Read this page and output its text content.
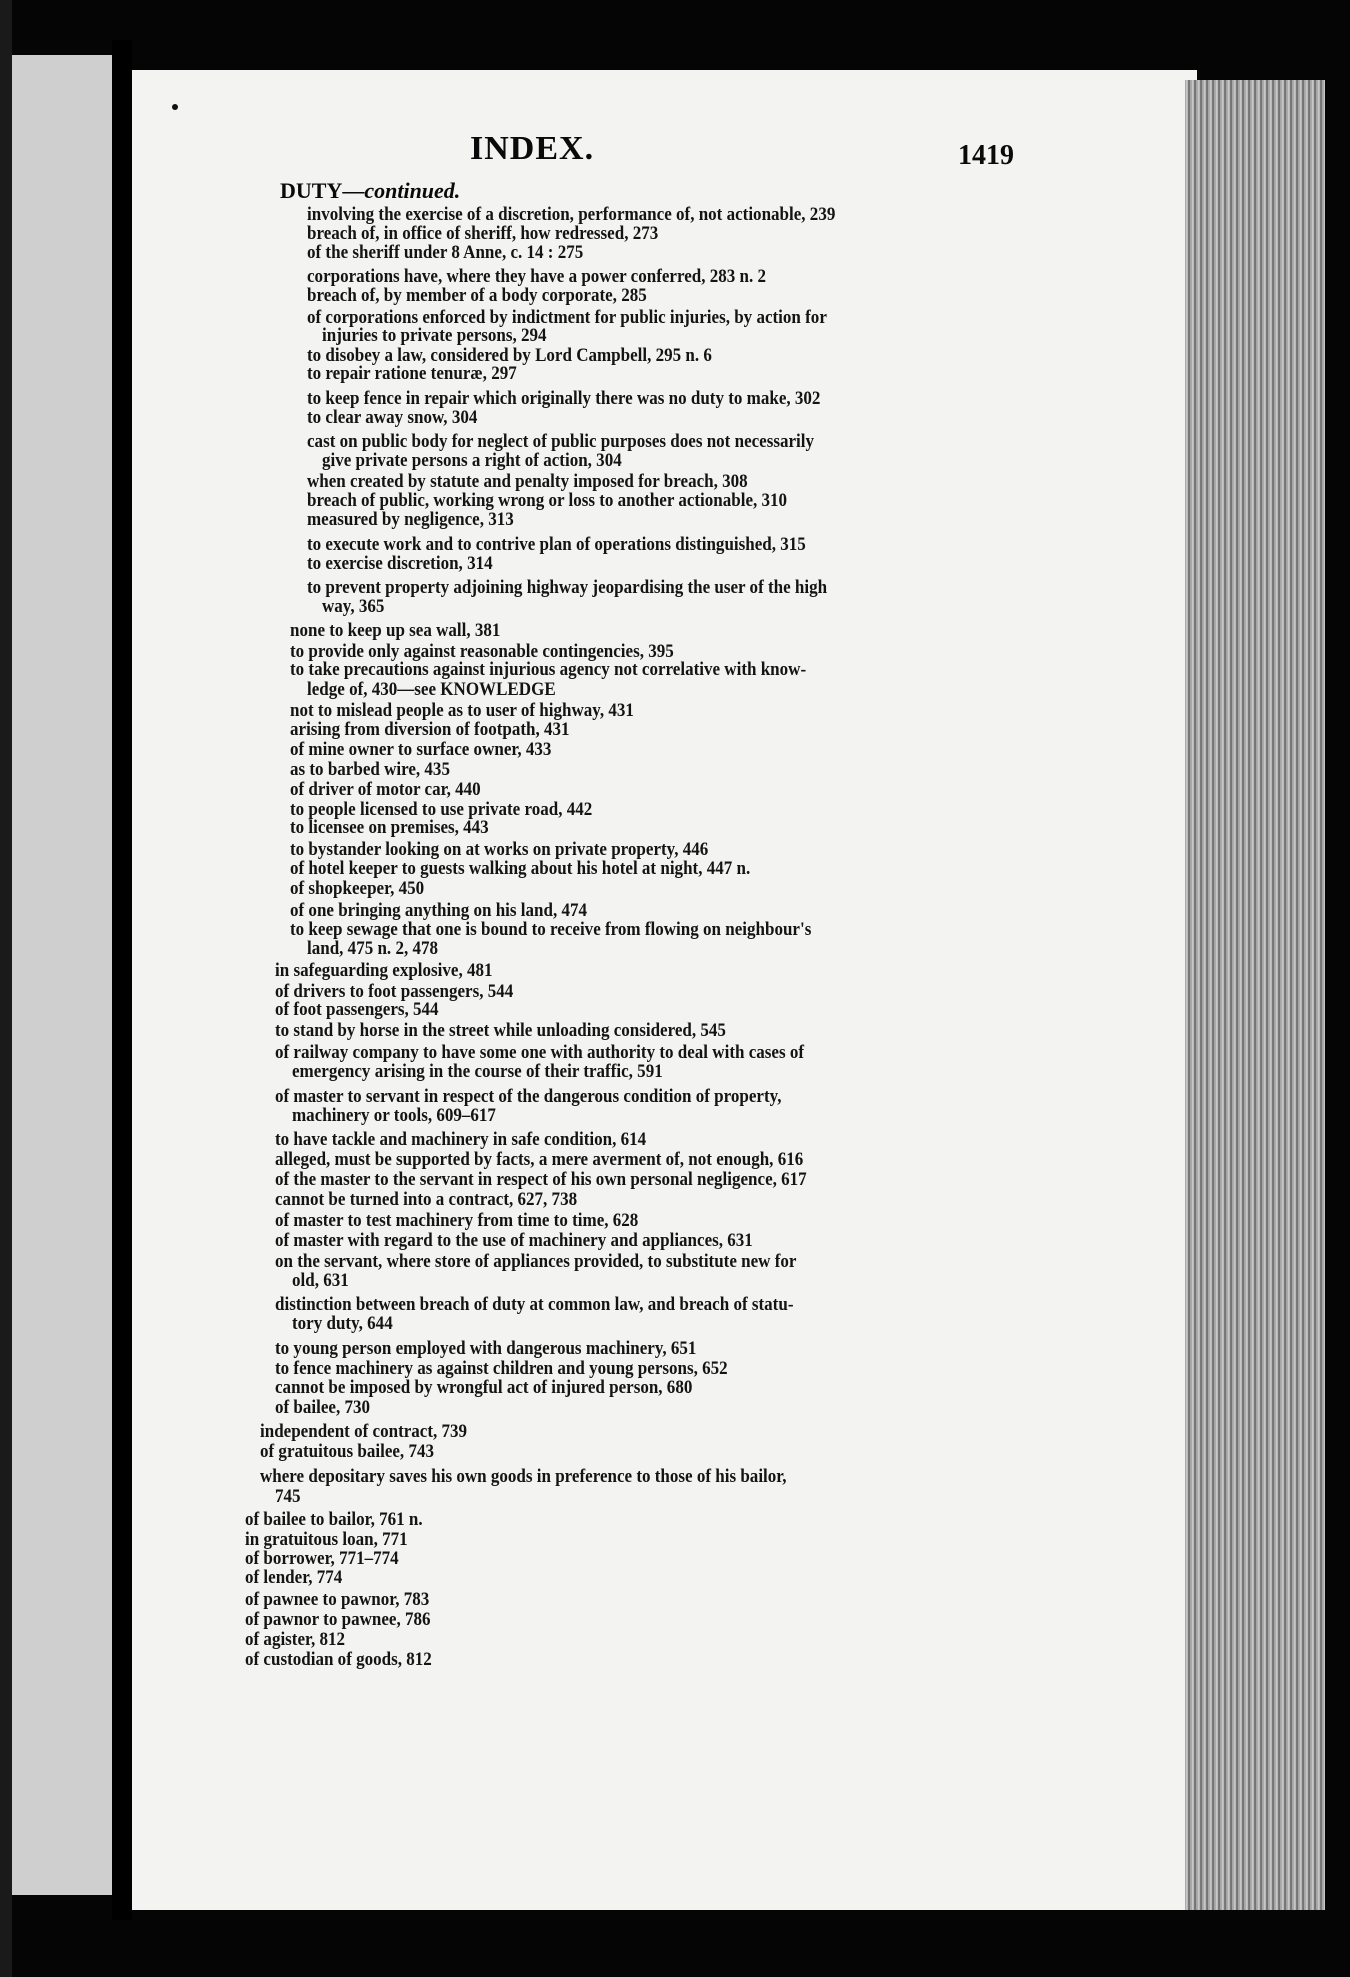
INDEX.	1419
DUTY—continued.
involving the exercise of a discretion, performance of, not actionable, 239
breach of, in office of sheriff, how redressed, 273
of the sheriff under 8 Anne, c. 14 : 275
corporations have, where they have a power conferred, 283 n. 2
breach of, by member of a body corporate, 285
of corporations enforced by indictment for public injuries, by action for
injuries to private persons, 294
to disobey a law, considered by Lord Campbell, 295 n. 6
to repair ratione tenuræ, 297
to keep fence in repair which originally there was no duty to make, 302
to clear away snow, 304
cast on public body for neglect of public purposes does not necessarily
give private persons a right of action, 304
when created by statute and penalty imposed for breach, 308
breach of public, working wrong or loss to another actionable, 310
measured by negligence, 313
to execute work and to contrive plan of operations distinguished, 315
to exercise discretion, 314
to prevent property adjoining highway jeopardising the user of the high
way, 365
none to keep up sea wall, 381
to provide only against reasonable contingencies, 395
to take precautions against injurious agency not correlative with know-
ledge of, 430—see KNOWLEDGE
not to mislead people as to user of highway, 431
arising from diversion of footpath, 431
of mine owner to surface owner, 433
as to barbed wire, 435
of driver of motor car, 440
to people licensed to use private road, 442
to licensee on premises, 443
to bystander looking on at works on private property, 446
of hotel keeper to guests walking about his hotel at night, 447 n.
of shopkeeper, 450
of one bringing anything on his land, 474
to keep sewage that one is bound to receive from flowing on neighbour's
land, 475 n. 2, 478
in safeguarding explosive, 481
of drivers to foot passengers, 544
of foot passengers, 544
to stand by horse in the street while unloading considered, 545
of railway company to have some one with authority to deal with cases of
emergency arising in the course of their traffic, 591
of master to servant in respect of the dangerous condition of property,
machinery or tools, 609–617
to have tackle and machinery in safe condition, 614
alleged, must be supported by facts, a mere averment of, not enough, 616
of the master to the servant in respect of his own personal negligence, 617
cannot be turned into a contract, 627, 738
of master to test machinery from time to time, 628
of master with regard to the use of machinery and appliances, 631
on the servant, where store of appliances provided, to substitute new for
old, 631
distinction between breach of duty at common law, and breach of statu-
tory duty, 644
to young person employed with dangerous machinery, 651
to fence machinery as against children and young persons, 652
cannot be imposed by wrongful act of injured person, 680
of bailee, 730
independent of contract, 739
of gratuitous bailee, 743
where depositary saves his own goods in preference to those of his bailor,
745
of bailee to bailor, 761 n.
in gratuitous loan, 771
of borrower, 771–774
of lender, 774
of pawnee to pawnor, 783
of pawnor to pawnee, 786
of agister, 812
of custodian of goods, 812
